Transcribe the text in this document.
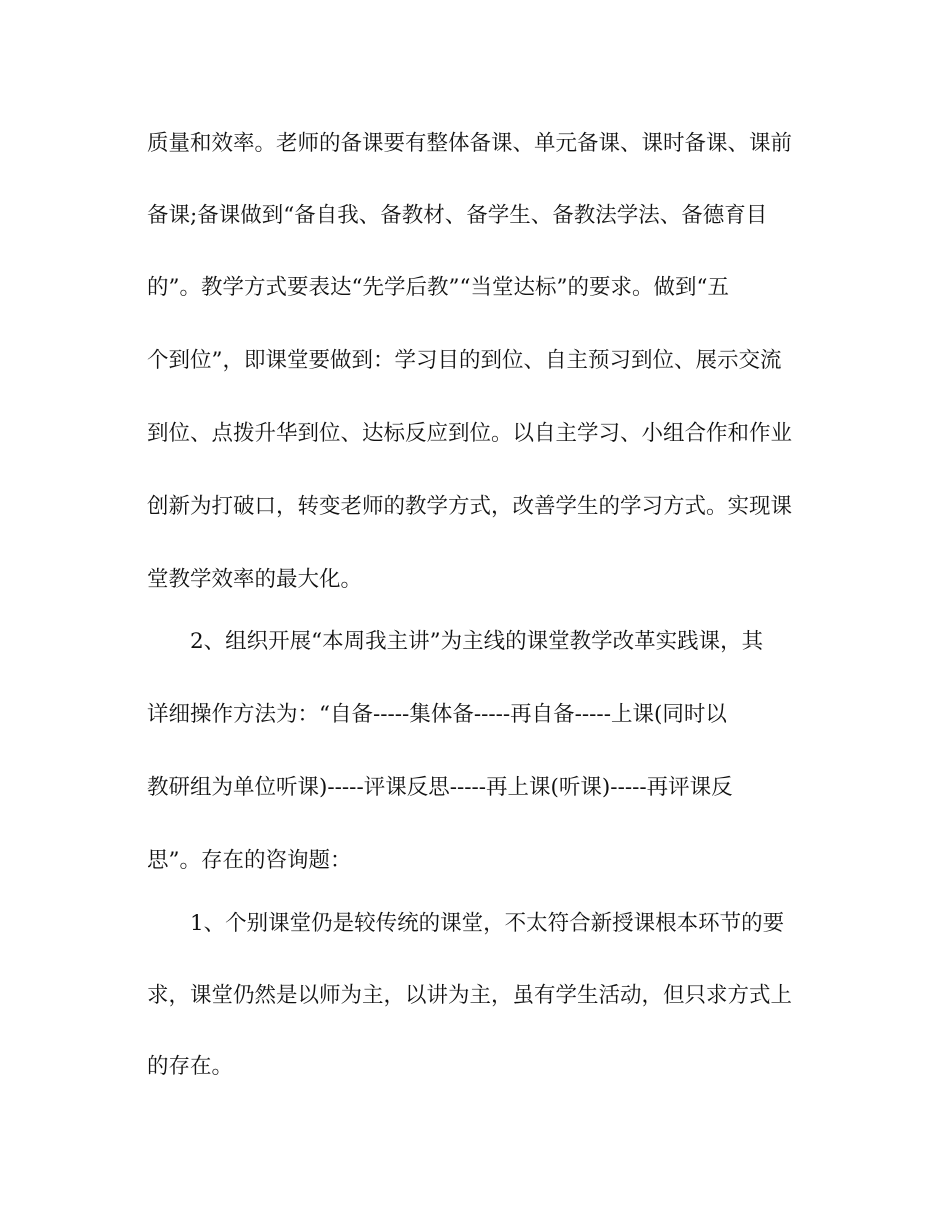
质量和效率。老师的备课要有整体备课、单元备课、课时备课、课前
备课;备课做到“备自我、备教材、备学生、备教法学法、备德育目
的”。教学方式要表达“先学后教”“当堂达标”的要求。做到“五
个到位”，即课堂要做到：学习目的到位、自主预习到位、展示交流
到位、点拨升华到位、达标反应到位。以自主学习、小组合作和作业
创新为打破口，转变老师的教学方式，改善学生的学习方式。实现课
堂教学效率的最大化。
2、组织开展“本周我主讲”为主线的课堂教学改革实践课，其
详细操作方法为：“自备-----集体备-----再自备-----上课(同时以
教研组为单位听课)-----评课反思-----再上课(听课)-----再评课反
思”。存在的咨询题：
1、个别课堂仍是较传统的课堂，不太符合新授课根本环节的要
求，课堂仍然是以师为主，以讲为主，虽有学生活动，但只求方式上
的存在。
